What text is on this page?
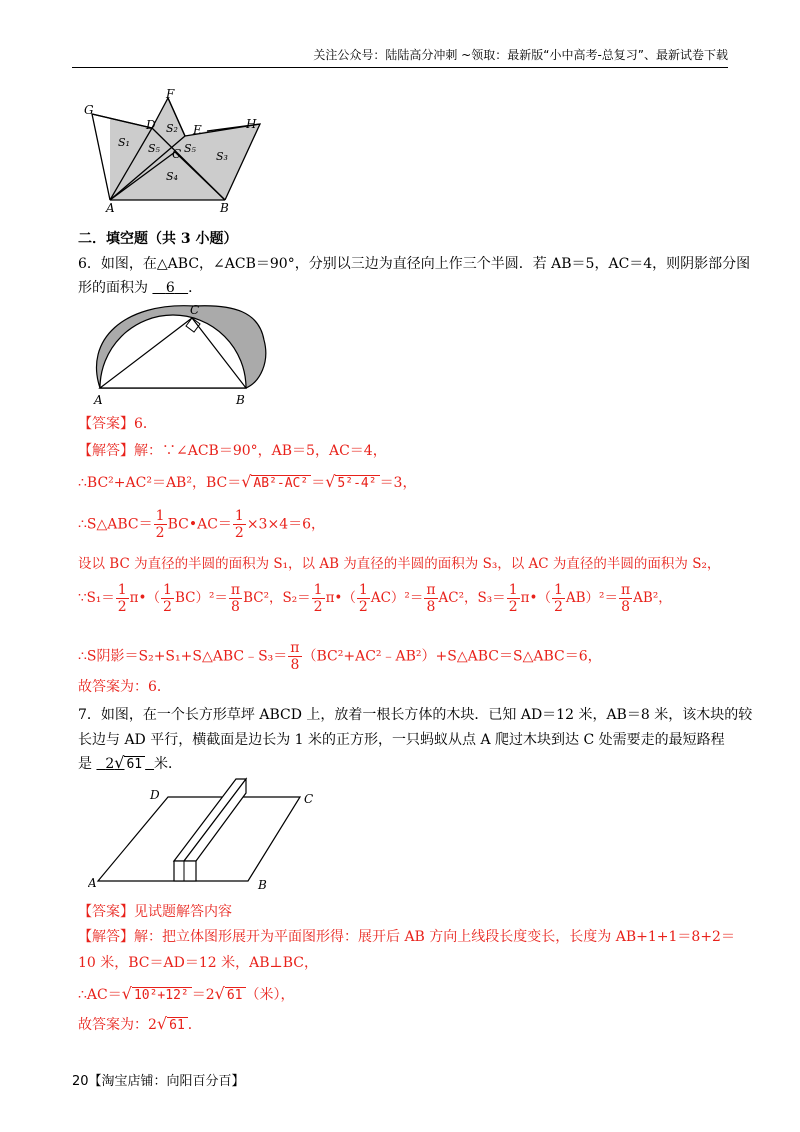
关注公众号：陆陆高分冲刺 ~领取：最新版“小中高考-总复习”、最新试卷下载
G
F
D	E	H
C
A	B
S₁
S₂
S₅ S₅
S₃
S₄
二．填空题（共 3 小题）
6．如图，在△ABC，∠ACB＝90°，分别以三边为直径向上作三个半圆．若 AB＝5，AC＝4，则阴影部分图
形的面积为 6 ．
C
A	B
【答案】6．
【解答】解：∵∠ACB＝90°，AB＝5，AC＝4，
∴BC²+AC²＝AB²，BC＝√ AB²-AC² ＝√ 5²-4² ＝3，
∴S△ABC＝ $\frac{1}{2}$ BC•AC＝ $\frac{1}{2} \times 3\times 4=6$，
设以 BC 为直径的半圆的面积为 S₁，以 AB 为直径的半圆的面积为 S₃，以 AC 为直径的半圆的面积为 S₂，
∵S₁＝ $\frac{1}{2}$ π•（ $\frac{1}{2} BC)^2= \frac{\pi}{8} BC^2$，$S_2= \frac{1}{2}$ π•（ $\frac{1}{2} AC)^2= \frac{\pi}{8} AC^2$，$S_3= \frac{1}{2}$ π•（ $\frac{1}{2} AB)^2= \frac{\pi}{8} AB^2$，
∴S阴影＝S₂+S₁+S△ABC﹣S₃＝ $\frac{\pi}{8}$ （BC²+AC²﹣AB²）+S△ABC＝S△ABC＝6，
故答案为：6．
7．如图，在一个长方形草坪 ABCD 上，放着一根长方体的木块．已知 AD＝12 米，AB＝8 米，该木块的较
长边与 AD 平行，横截面是边长为 1 米的正方形，一只蚂蚁从点 A 爬过木块到达 C 处需要走的最短路程
是 2√ 61 米．
D	C
A	B
【答案】见试题解答内容
【解答】解：把立体图形展开为平面图形得：展开后 AB 方向上线段长度变长，长度为 AB+1+1＝8+2＝
10 米，BC＝AD＝12 米，AB⊥BC，
∴AC＝√ 10²+12² ＝2√ 61 （米），
故答案为：2√ 61 ．
20【淘宝店铺：向阳百分百】
